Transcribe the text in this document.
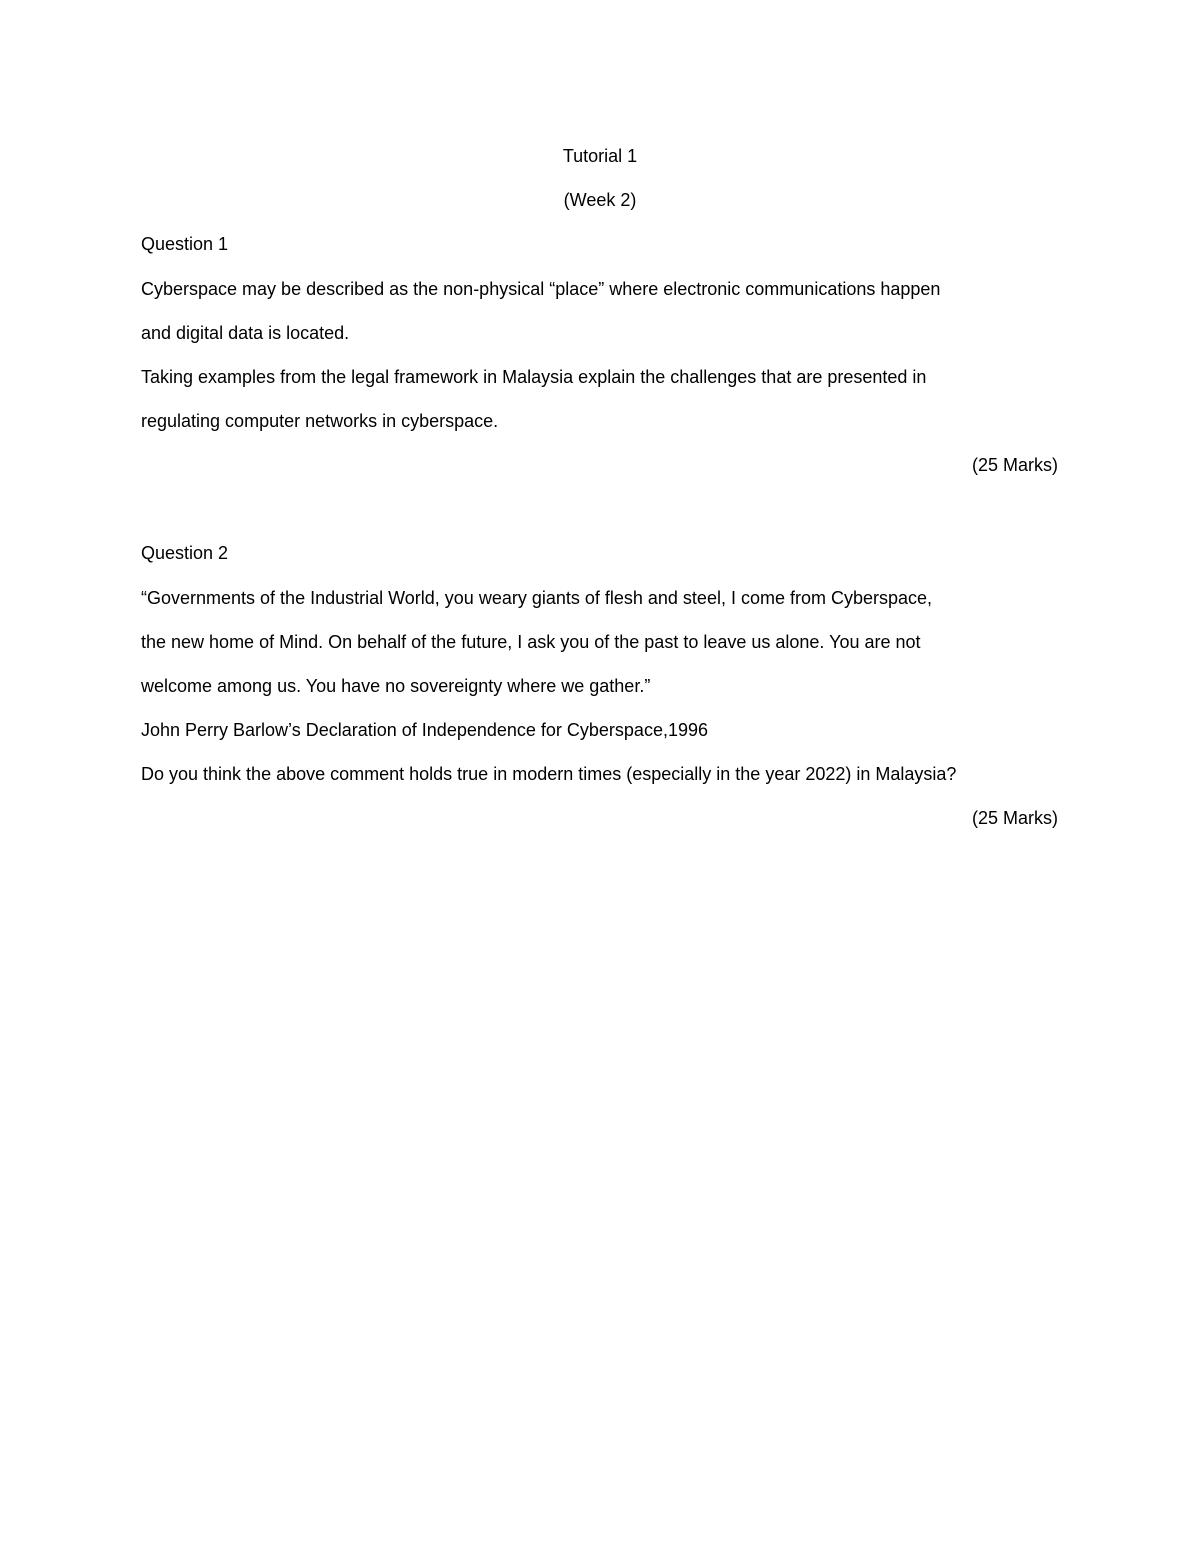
Tutorial 1
(Week 2)
Question 1
Cyberspace may be described as the non-physical “place” where electronic communications happen
and digital data is located.
Taking examples from the legal framework in Malaysia explain the challenges that are presented in
regulating computer networks in cyberspace.
(25 Marks)
Question 2
“Governments of the Industrial World, you weary giants of flesh and steel, I come from Cyberspace,
the new home of Mind. On behalf of the future, I ask you of the past to leave us alone. You are not
welcome among us. You have no sovereignty where we gather.”
John Perry Barlow’s Declaration of Independence for Cyberspace,1996
Do you think the above comment holds true in modern times (especially in the year 2022) in Malaysia?
(25 Marks)
